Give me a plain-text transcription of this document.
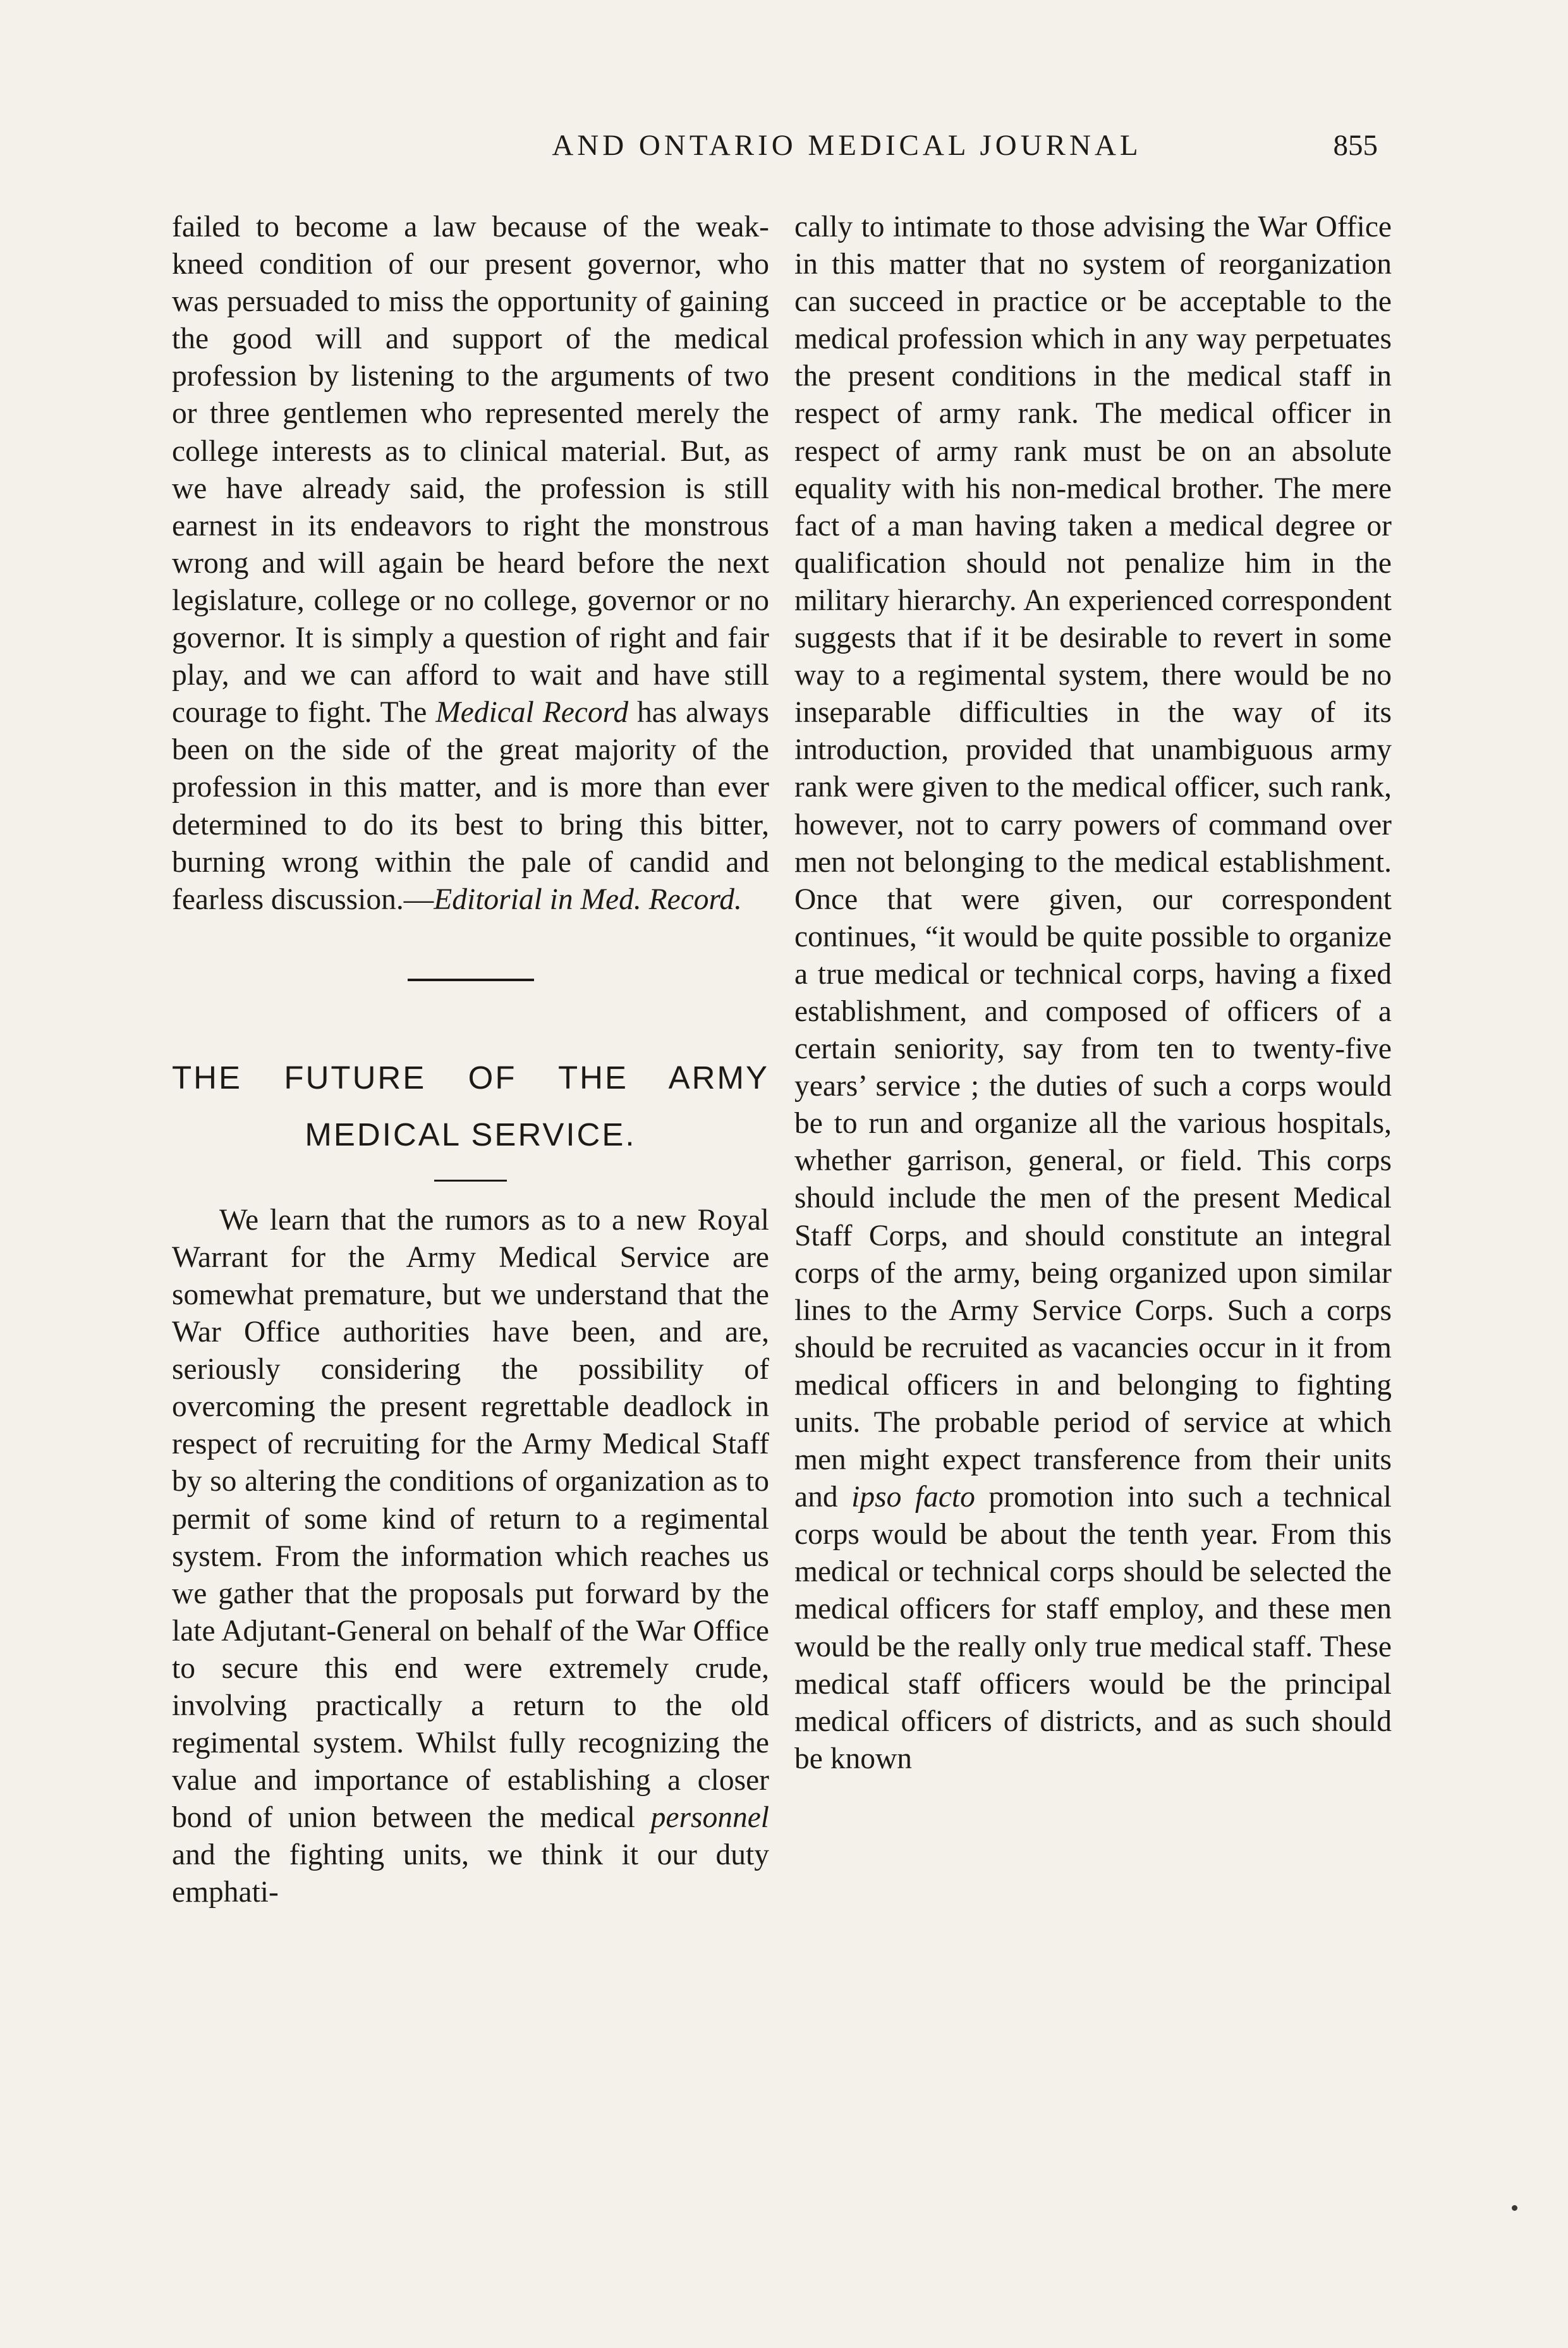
AND ONTARIO MEDICAL JOURNAL	855

failed to become a law because of the weak-kneed condition of our present governor, who was persuaded to miss the opportunity of gaining the good will and support of the medical profession by listening to the arguments of two or three gentlemen who represented merely the college interests as to clinical material. But, as we have already said, the profession is still earnest in its endeavors to right the monstrous wrong and will again be heard before the next legislature, college or no college, governor or no governor. It is simply a question of right and fair play, and we can afford to wait and have still courage to fight. The Medical Record has always been on the side of the great majority of the profession in this matter, and is more than ever determined to do its best to bring this bitter, burning wrong within the pale of candid and fearless discussion.—Editorial in Med. Record.

THE FUTURE OF THE ARMY
MEDICAL SERVICE.

We learn that the rumors as to a new Royal Warrant for the Army Medical Service are somewhat premature, but we understand that the War Office authorities have been, and are, seriously considering the possibility of overcoming the present regrettable deadlock in respect of recruiting for the Army Medical Staff by so altering the conditions of organization as to permit of some kind of return to a regimental system. From the information which reaches us we gather that the proposals put forward by the late Adjutant-General on behalf of the War Office to secure this end were extremely crude, involving practically a return to the old regimental system. Whilst fully recognizing the value and importance of establishing a closer bond of union between the medical personnel and the fighting units, we think it our duty emphati-

cally to intimate to those advising the War Office in this matter that no system of reorganization can succeed in practice or be acceptable to the medical profession which in any way perpetuates the present conditions in the medical staff in respect of army rank. The medical officer in respect of army rank must be on an absolute equality with his non-medical brother. The mere fact of a man having taken a medical degree or qualification should not penalize him in the military hierarchy. An experienced correspondent suggests that if it be desirable to revert in some way to a regimental system, there would be no inseparable difficulties in the way of its introduction, provided that unambiguous army rank were given to the medical officer, such rank, however, not to carry powers of command over men not belonging to the medical establishment. Once that were given, our correspondent continues, “it would be quite possible to organize a true medical or technical corps, having a fixed establishment, and composed of officers of a certain seniority, say from ten to twenty-five years’ service ; the duties of such a corps would be to run and organize all the various hospitals, whether garrison, general, or field. This corps should include the men of the present Medical Staff Corps, and should constitute an integral corps of the army, being organized upon similar lines to the Army Service Corps. Such a corps should be recruited as vacancies occur in it from medical officers in and belonging to fighting units. The probable period of service at which men might expect transference from their units and ipso facto promotion into such a technical corps would be about the tenth year. From this medical or technical corps should be selected the medical officers for staff employ, and these men would be the really only true medical staff. These medical staff officers would be the principal medical officers of districts, and as such should be known
